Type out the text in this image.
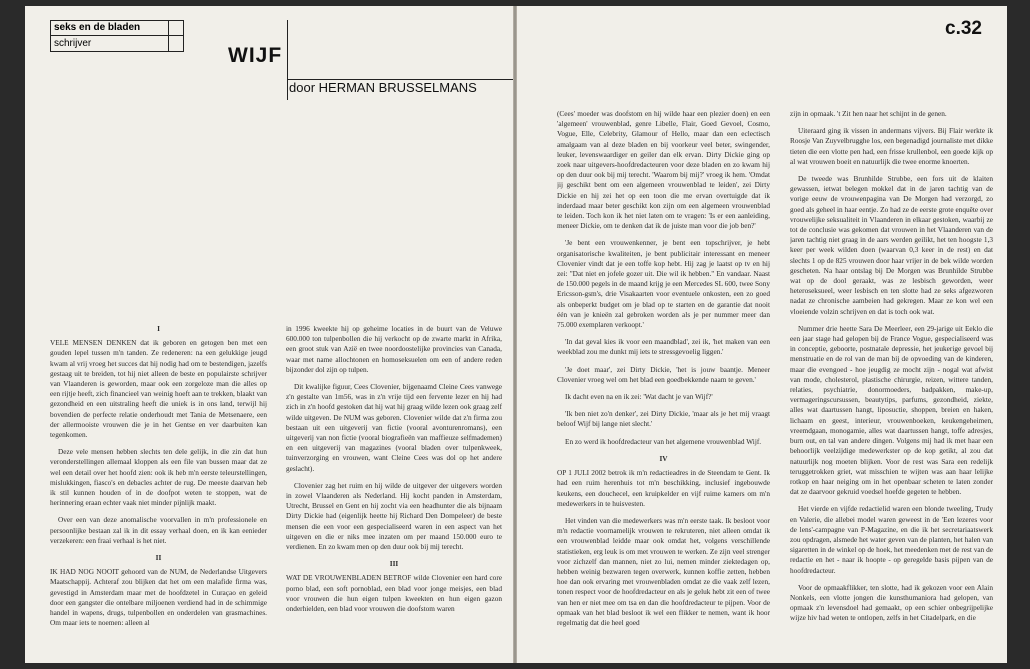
seks en de bladen
schrijver
WIJF
door HERMAN BRUSSELMANS

I

VELE MENSEN DENKEN dat ik geboren en getogen ben met een gouden lepel tussen m'n tanden. Ze redeneren: na een gelukkige jeugd kwam al vrij vroeg het succes dat hij nodig had om te bestendigen, jazelfs gestaag uit te breiden, tot hij niet alleen de beste en populairste schrijver van Vlaanderen is geworden, maar ook een zorgeloze man die alles op een rijtje heeft, zich financieel van weinig hoeft aan te trekken, blaakt van gezondheid en een uitstraling heeft die uniek is in ons land, terwijl hij bovendien de perfecte relatie onderhoudt met Tania de Metsenaere, een der allermooiste vrouwen die je in het Gentse en ver daarbuiten kan tegenkomen.

Deze vele mensen hebben slechts ten dele gelijk, in die zin dat hun veronderstellingen allemaal kloppen als een file van bussen maar dat ze wel een detail over het hoofd zien: ook ik heb m'n eerste teleurstellingen, mislukkingen, fiasco's en debacles achter de rug. De meeste daarvan heb ik stil kunnen houden of in de doofpot weten te stoppen, wat de herinnering eraan echter vaak niet minder pijnlijk maakt.

Over een van deze anomalische voorvallen in m'n professionele en persoonlijke bestaan zal ik in dit essay verhaal doen, en ik kan eenieder verzekeren: een fraai verhaal is het niet.

II

IK HAD NOG NOOIT gehoord van de NUM, de Nederlandse Uitgevers Maatschappij. Achteraf zou blijken dat het om een malafide firma was, gevestigd in Amsterdam maar met de hoofdzetel in Curaçao en geleid door een gangster die ontelbare miljoenen verdiend had in de schimmige handel in wapens, drugs, tulpenbollen en onderdelen van grasmachines. Om maar iets te noemen: alleen al

in 1996 kweekte hij op geheime locaties in de buurt van de Veluwe 600.000 ton tulpenbollen die hij verkocht op de zwarte markt in Afrika, een groot stuk van Azië en twee noordoostelijke provincies van Canada, waar met name allochtonen en homoseksuelen om een of andere reden bijzonder dol zijn op tulpen.

Dit kwalijke figuur, Cees Clovenier, bijgenaamd Cleine Cees vanwege z'n gestalte van 1m56, was in z'n vrije tijd een fervente lezer en hij had zich in z'n hoofd gestoken dat hij wat hij graag wilde lezen ook graag zelf wilde uitgeven. De NUM was geboren. Clovenier wilde dat z'n firma zou bestaan uit een uitgeverij van fictie (vooral avonturenromans), een uitgeverij van non fictie (vooral biografieën van maffieuze selfmademen) en een uitgeverij van magazines (vooral bladen over tulpenkweek, tuinverzorging en vrouwen, want Cleine Cees was dol op het andere geslacht).

Clovenier zag het ruim en hij wilde de uitgever der uitgevers worden in zowel Vlaanderen als Nederland. Hij kocht panden in Amsterdam, Utrecht, Brussel en Gent en hij zocht via een headhunter die als bijnaam Dirty Dickie had (eigenlijk heette hij Richard Den Dompeleer) de beste mensen die een voor een gespecialiseerd waren in een aspect van het uitgeven en die er niks mee inzaten om per maand 150.000 euro te verdienen. En zo kwam men op den duur ook bij mij terecht.

III

WAT DE VROUWENBLADEN BETROF wilde Clovenier een hard core porno blad, een soft pornoblad, een blad voor jonge meisjes, een blad voor vrouwen die hun eigen tulpen kweekten en hun eigen gazon onderhielden, een blad voor vrouwen die doofstom waren

c.32

(Cees' moeder was doofstom en hij wilde haar een plezier doen) en een 'algemeen' vrouwenblad, genre Libelle, Flair, Goed Gevoel, Cosmo, Vogue, Elle, Celebrity, Glamour of Hello, maar dan een eclectisch amalgaam van al deze bladen en bij voorkeur veel beter, swingender, leuker, levenswaardiger en geiler dan elk ervan. Dirty Dickie ging op zoek naar uitgevers-hoofdredacteuren voor deze bladen en zo kwam hij op den duur ook bij mij terecht. 'Waarom bij mij?' vroeg ik hem. 'Omdat jij geschikt bent om een algemeen vrouwenblad te leiden', zei Dirty Dickie en hij zei het op een toon die me ervan overtuigde dat ik inderdaad maar beter geschikt kon zijn om een algemeen vrouwenblad te leiden. Toch kon ik het niet laten om te vragen: 'Is er een aanleiding, meneer Dickie, om te denken dat ik de juiste man voor die job ben?'

'Je bent een vrouwenkenner, je bent een topschrijver, je hebt organisatorische kwaliteiten, je bent publicitair interessant en meneer Clovenier vindt dat je een toffe kop hebt. Hij zag je laatst op tv en hij zei: "Dat niet en jofele gozer uit. Die wil ik hebben." En vandaar. Naast de 150.000 pegels in de maand krijg je een Mercedes SL 600, twee Sony Ericsson-gsm's, drie Visakaarten voor eventuele onkosten, een zo goed als onbeperkt budget om je blad op te starten en de garantie dat nooit één van je knieën zal gebroken worden als je per nummer meer dan 75.000 exemplaren verkoopt.'

'In dat geval kies ik voor een maandblad', zei ik, 'het maken van een weekblad zou me dunkt mij iets te stressgevoelig liggen.'

'Je doet maar', zei Dirty Dickie, 'het is jouw baantje. Meneer Clovenier vroeg wel om het blad een goedbekkende naam te geven.'

Ik dacht even na en ik zei: 'Wat dacht je van Wijf?'

'Ik ben niet zo'n denker', zei Dirty Dickie, 'maar als je het mij vraagt beloof Wijf bij lange niet slecht.'

En zo werd ik hoofdredacteur van het algemene vrouwenblad Wijf.

IV

OP 1 JULI 2002 betrok ik m'n redactieadres in de Steendam te Gent. Ik had een ruim herenhuis tot m'n beschikking, inclusief ingebouwde keukens, een douchecel, een kruipkelder en vijf ruime kamers om m'n medewerkers in te huisvesten.

Het vinden van die medewerkers was m'n eerste taak. Ik besloot voor m'n redactie voornamelijk vrouwen te rekruteren, niet alleen omdat ik een vrouwenblad leidde maar ook omdat het, volgens verschillende statistieken, erg leuk is om met vrouwen te werken. Ze zijn veel strenger voor zichzelf dan mannen, niet zo lui, nemen minder ziektedagen op, hebben weinig bezwaren tegen overwerk, kunnen koffie zetten, hebben hoe dan ook ervaring met vrouwenbladen omdat ze die vaak zelf lezen, tonen respect voor de hoofdredacteur en als je geluk hebt zit een of twee van hen er niet mee om tsa en dan die hoofdredacteur te pijpen. Voor de opmaak van het blad besloot ik wel een flikker te nemen, want ik hoor regelmatig dat die heel goed

zijn in opmaak. 't Zit hen naar het schijnt in de genen.

Uiteraard ging ik vissen in andermans vijvers. Bij Flair werkte ik Roosje Van Zuyvelbrugghe los, een begenadigd journaliste met dikke tieten die een vlotte pen had, een frisse krullenbol, een goede kijk op al wat vrouwen boeit en natuurlijk die twee enorme knoerten.

De tweede was Brunhilde Strubbe, een fors uit de klaiten gewassen, ietwat belegen mokkel dat in de jaren tachtig van de vorige eeuw de vrouwenpagina van De Morgen had verzorgd, zo goed als geheel in haar eentje. Zo had ze de eerste grote enquête over vrouwelijke seksualiteit in Vlaanderen in elkaar gestoken, waarbij ze tot de conclusie was gekomen dat vrouwen in het Vlaanderen van de jaren tachtig niet graag in de aars werden geilikt, het ten hoogste 1,3 keer per week wilden doen (waarvan 0,3 keer in de rest) en dat slechts 1 op de 825 vrouwen door haar vrijer in de bek wilde worden gescheten. Na haar ontslag bij De Morgen was Brunhilde Strubbe wat op de dool geraakt, was ze lesbisch geworden, weer heteroseksueel, weer lesbisch en ten slotte had ze seks afgezworen nadat ze chronische aambeien had gekregen. Maar ze kon wel een vloeiende volzin schrijven en dat is toch ook wat.

Nummer drie heette Sara De Meerleer, een 29-jarige uit Eeklo die een jaar stage had gelopen bij de France Vogue, gespecialiseerd was in conceptie, geboorte, postnatale depressie, het jeukerige gevoel bij menstruatie en de rol van de man bij de opvoeding van de kinderen, maar die evengoed - hoe jeugdig ze mocht zijn - nogal wat afwist van mode, cholesterol, plastische chirurgie, reizen, wittere tanden, relaties, psychiatrie, donormoeders, badpakken, make-up, vermageringscursussen, beautytips, parfums, gezondheid, ziekte, alles wat daartussen hangt, liposuctie, shoppen, breien en haken, lichaam en geest, interieur, vrouwenboeken, keukengeheimen, vreemdgaan, monogamie, alles wat daartussen hangt, toffe adresjes, burn out, en tal van andere dingen. Volgens mij had ik met haar een behoorlijk veelzijdige medewerkster op de kop getikt, al zou dat natuurlijk nog moeten blijken. Voor de rest was Sara een redelijk teruggetrokken griet, wat misschien te wijten was aan haar lelijke rotkop en haar neiging om in het openbaar scheten te laten zonder dat ze daarvoor gekruid voedsel hoefde gegeten te hebben.

Het vierde en vijfde redactielid waren een blonde tweeling, Trudy en Valerie, die allebei model waren geweest in de 'Een lezeres voor de lens'-campagne van P-Magazine, en die ik het secretariaatswerk zou opdragen, alsmede het water geven van de planten, het halen van sigaretten in de winkel op de hoek, het meedenken met de rest van de redactie en het - naar ik hoopte - op geregelde basis pijpen van de hoofdredacteur.

Voor de opmaakflikker, ten slotte, had ik gekozen voor een Alain Nonkels, een vlotte jongen die kunsthumaniora had gelopen, van opmaak z'n levensdoel had gemaakt, op een schier onbegrijpelijke wijze hiv had weten te ontlopen, zelfs in het Citadelpark, en die
